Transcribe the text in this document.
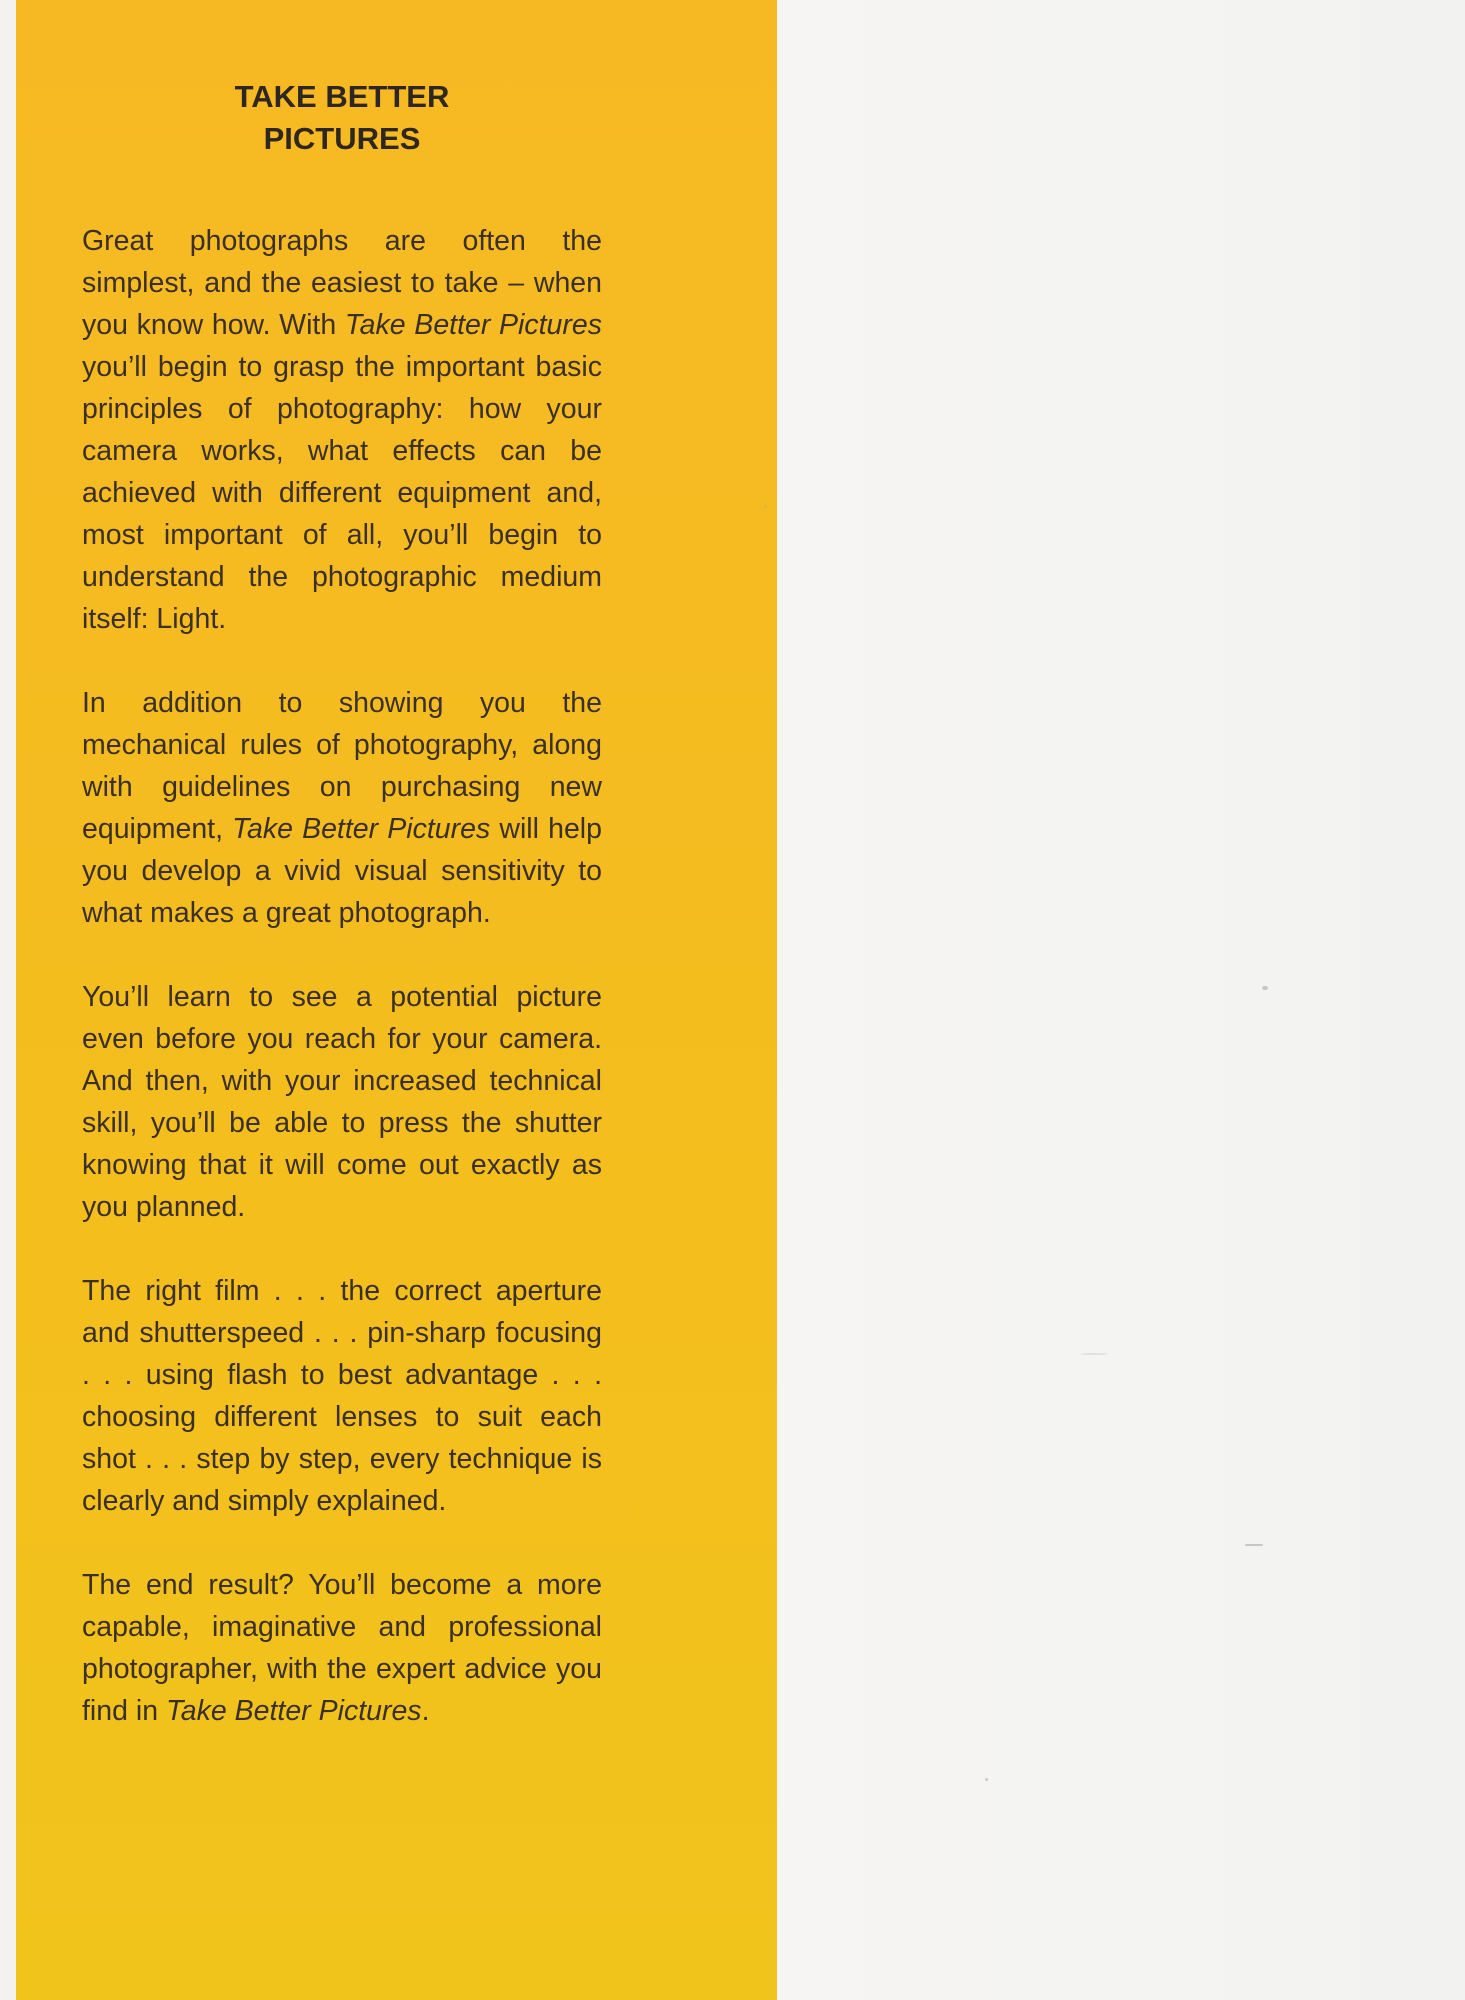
TAKE BETTER
PICTURES

Great photographs are often the simplest, and the easiest to take – when you know how. With Take Better Pictures you’ll begin to grasp the important basic principles of photography: how your camera works, what effects can be achieved with different equipment and, most important of all, you’ll begin to understand the photographic medium itself: Light.

In addition to showing you the mechanical rules of photography, along with guidelines on purchasing new equipment, Take Better Pictures will help you develop a vivid visual sensitivity to what makes a great photograph.

You’ll learn to see a potential picture even before you reach for your camera. And then, with your increased technical skill, you’ll be able to press the shutter knowing that it will come out exactly as you planned.

The right film . . . the correct aperture and shutterspeed . . . pin-sharp focusing . . . using flash to best advantage . . . choosing different lenses to suit each shot . . . step by step, every technique is clearly and simply explained.

The end result? You’ll become a more capable, imaginative and professional photographer, with the expert advice you find in Take Better Pictures.
